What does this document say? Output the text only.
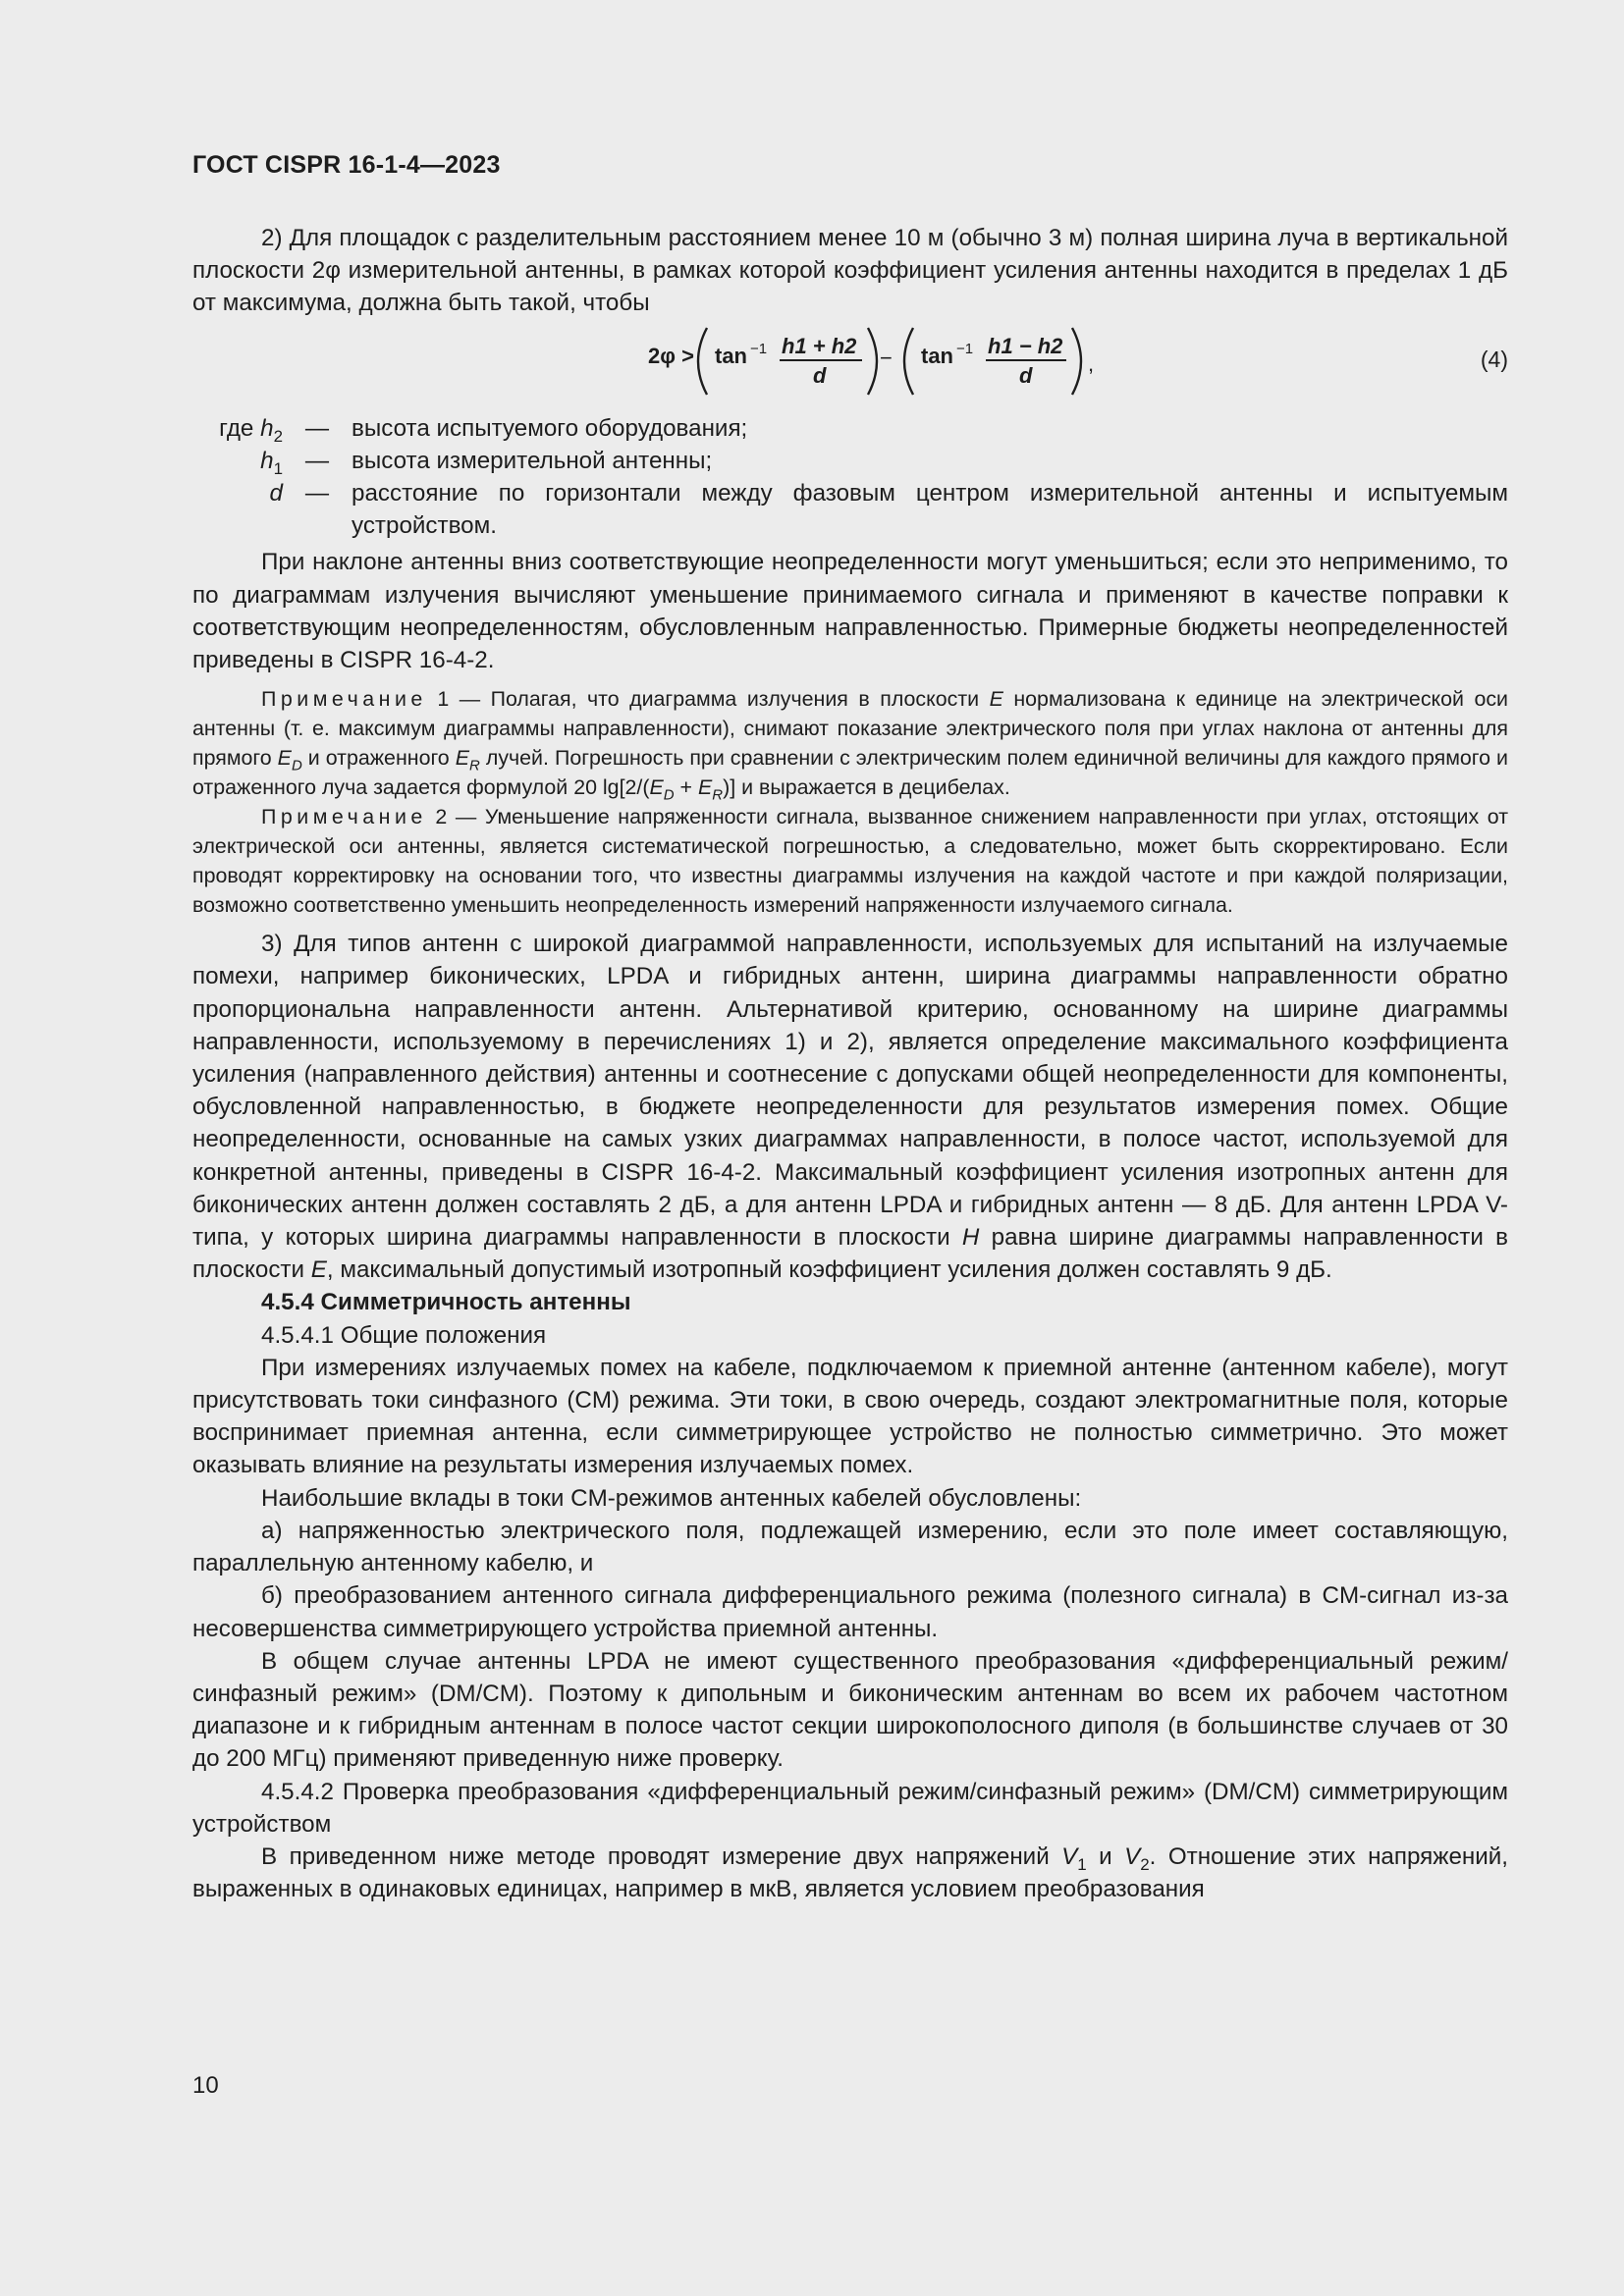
ГОСТ CISPR 16-1-4—2023

2) Для площадок с разделительным расстоянием менее 10 м (обычно 3 м) полная ширина луча в вертикальной плоскости 2φ измерительной антенны, в рамках которой коэффициент усиления антенны находится в пределах 1 дБ от максимума, должна быть такой, чтобы

2φ > tan −1 h1 + h2
d
− tan −1 h1 − h2
d	,	(4)
где $h_2$ — высота испытуемого оборудования;
$h_1$ — высота измерительной антенны;
d — расстояние по горизонтали между фазовым центром измерительной антенны и испытуемым устройством.

При наклоне антенны вниз соответствующие неопределенности могут уменьшиться; если это неприменимо, то по диаграммам излучения вычисляют уменьшение принимаемого сигнала и применяют в качестве поправки к соответствующим неопределенностям, обусловленным направленностью. Примерные бюджеты неопределенностей приведены в CISPR 16-4-2.

Примечание 1 — Полагая, что диаграмма излучения в плоскости E нормализована к единице на электрической оси антенны (т. е. максимум диаграммы направленности), снимают показание электрического поля при углах наклона от антенны для прямого $E_D$ и отраженного $E_R$ лучей. Погрешность при сравнении с электрическим полем единичной величины для каждого прямого и отраженного луча задается формулой 20 $\lg[2/(E_D + E_R)]$ и выражается в децибелах.

Примечание 2 — Уменьшение напряженности сигнала, вызванное снижением направленности при углах, отстоящих от электрической оси антенны, является систематической погрешностью, а следовательно, может быть скорректировано. Если проводят корректировку на основании того, что известны диаграммы излучения на каждой частоте и при каждой поляризации, возможно соответственно уменьшить неопределенность измерений напряженности излучаемого сигнала.

3) Для типов антенн с широкой диаграммой направленности, используемых для испытаний на излучаемые помехи, например биконических, LPDA и гибридных антенн, ширина диаграммы направленности обратно пропорциональна направленности антенн. Альтернативой критерию, основанному на ширине диаграммы направленности, используемому в перечислениях 1) и 2), является определение максимального коэффициента усиления (направленного действия) антенны и соотнесение с допусками общей неопределенности для компоненты, обусловленной направленностью, в бюджете неопределенности для результатов измерения помех. Общие неопределенности, основанные на самых узких диаграммах направленности, в полосе частот, используемой для конкретной антенны, приведены в CISPR 16-4-2. Максимальный коэффициент усиления изотропных антенн для биконических антенн должен составлять 2 дБ, а для антенн LPDA и гибридных антенн — 8 дБ. Для антенн LPDA V-типа, у которых ширина диаграммы направленности в плоскости H равна ширине диаграммы направленности в плоскости E, максимальный допустимый изотропный коэффициент усиления должен составлять 9 дБ.

4.5.4 Симметричность антенны

4.5.4.1 Общие положения

При измерениях излучаемых помех на кабеле, подключаемом к приемной антенне (антенном кабеле), могут присутствовать токи синфазного (CM) режима. Эти токи, в свою очередь, создают электромагнитные поля, которые воспринимает приемная антенна, если симметрирующее устройство не полностью симметрично. Это может оказывать влияние на результаты измерения излучаемых помех.

Наибольшие вклады в токи CM-режимов антенных кабелей обусловлены:

а) напряженностью электрического поля, подлежащей измерению, если это поле имеет составляющую, параллельную антенному кабелю, и

б) преобразованием антенного сигнала дифференциального режима (полезного сигнала) в CM-сигнал из-за несовершенства симметрирующего устройства приемной антенны.

В общем случае антенны LPDA не имеют существенного преобразования «дифференциальный режим/синфазный режим» (DM/CM). Поэтому к дипольным и биконическим антеннам во всем их рабочем частотном диапазоне и к гибридным антеннам в полосе частот секции широкополосного диполя (в большинстве случаев от 30 до 200 МГц) применяют приведенную ниже проверку.

4.5.4.2 Проверка преобразования «дифференциальный режим/синфазный режим» (DM/CM) симметрирующим устройством

В приведенном ниже методе проводят измерение двух напряжений $V_1$ и $V_2$. Отношение этих напряжений, выраженных в одинаковых единицах, например в мкВ, является условием преобразования

10
